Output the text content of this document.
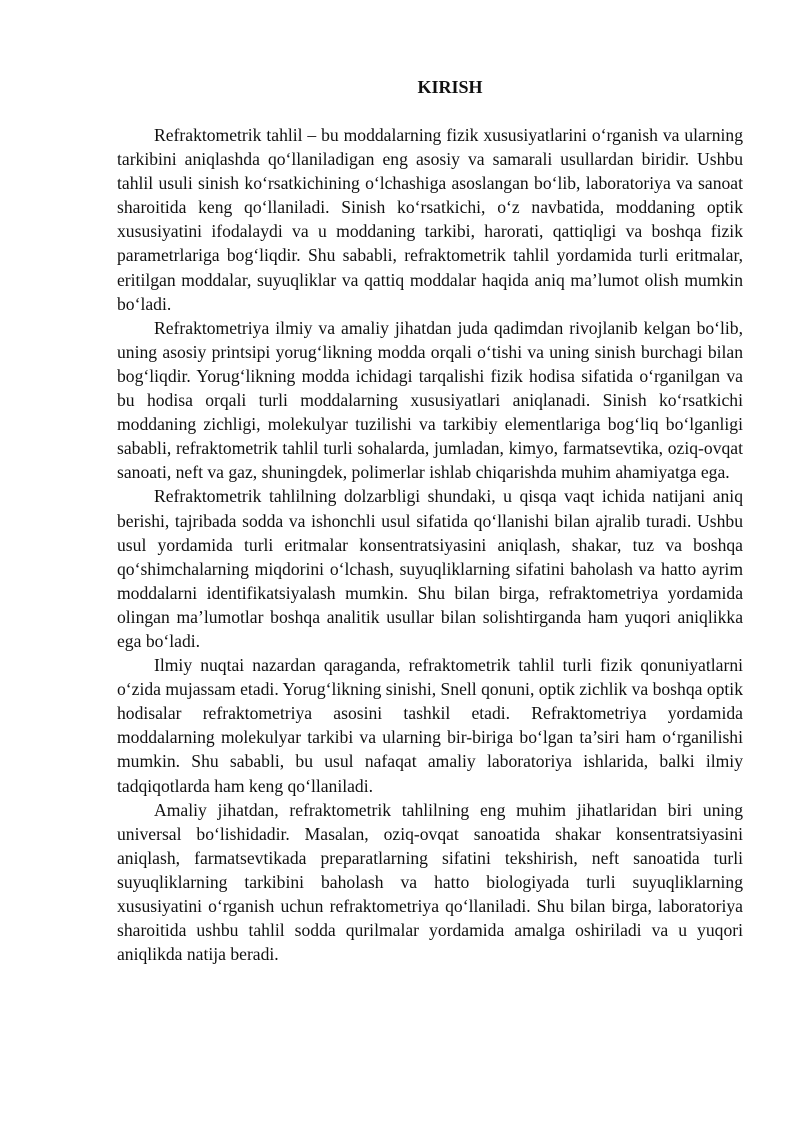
KIRISH

Refraktometrik tahlil – bu moddalarning fizik xususiyatlarini o‘rganish va ularning tarkibini aniqlashda qo‘llaniladigan eng asosiy va samarali usullardan biridir. Ushbu tahlil usuli sinish ko‘rsatkichining o‘lchashiga asoslangan bo‘lib, laboratoriya va sanoat sharoitida keng qo‘llaniladi. Sinish ko‘rsatkichi, o‘z navbatida, moddaning optik xususiyatini ifodalaydi va u moddaning tarkibi, harorati, qattiqligi va boshqa fizik parametrlariga bog‘liqdir. Shu sababli, refraktometrik tahlil yordamida turli eritmalar, eritilgan moddalar, suyuqliklar va qattiq moddalar haqida aniq ma’lumot olish mumkin bo‘ladi.

Refraktometriya ilmiy va amaliy jihatdan juda qadimdan rivojlanib kelgan bo‘lib, uning asosiy printsipi yorug‘likning modda orqali o‘tishi va uning sinish burchagi bilan bog‘liqdir. Yorug‘likning modda ichidagi tarqalishi fizik hodisa sifatida o‘rganilgan va bu hodisa orqali turli moddalarning xususiyatlari aniqlanadi. Sinish ko‘rsatkichi moddaning zichligi, molekulyar tuzilishi va tarkibiy elementlariga bog‘liq bo‘lganligi sababli, refraktometrik tahlil turli sohalarda, jumladan, kimyo, farmatsevtika, oziq-ovqat sanoati, neft va gaz, shuningdek, polimerlar ishlab chiqarishda muhim ahamiyatga ega.

Refraktometrik tahlilning dolzarbligi shundaki, u qisqa vaqt ichida natijani aniq berishi, tajribada sodda va ishonchli usul sifatida qo‘llanishi bilan ajralib turadi. Ushbu usul yordamida turli eritmalar konsentratsiyasini aniqlash, shakar, tuz va boshqa qo‘shimchalarning miqdorini o‘lchash, suyuqliklarning sifatini baholash va hatto ayrim moddalarni identifikatsiyalash mumkin. Shu bilan birga, refraktometriya yordamida olingan ma’lumotlar boshqa analitik usullar bilan solishtirganda ham yuqori aniqlikka ega bo‘ladi.

Ilmiy nuqtai nazardan qaraganda, refraktometrik tahlil turli fizik qonuniyatlarni o‘zida mujassam etadi. Yorug‘likning sinishi, Snell qonuni, optik zichlik va boshqa optik hodisalar refraktometriya asosini tashkil etadi. Refraktometriya yordamida moddalarning molekulyar tarkibi va ularning bir-biriga bo‘lgan ta’siri ham o‘rganilishi mumkin. Shu sababli, bu usul nafaqat amaliy laboratoriya ishlarida, balki ilmiy tadqiqotlarda ham keng qo‘llaniladi.

Amaliy jihatdan, refraktometrik tahlilning eng muhim jihatlaridan biri uning universal bo‘lishidadir. Masalan, oziq-ovqat sanoatida shakar konsentratsiyasini aniqlash, farmatsevtikada preparatlarning sifatini tekshirish, neft sanoatida turli suyuqliklarning tarkibini baholash va hatto biologiyada turli suyuqliklarning xususiyatini o‘rganish uchun refraktometriya qo‘llaniladi. Shu bilan birga, laboratoriya sharoitida ushbu tahlil sodda qurilmalar yordamida amalga oshiriladi va u yuqori aniqlikda natija beradi.
